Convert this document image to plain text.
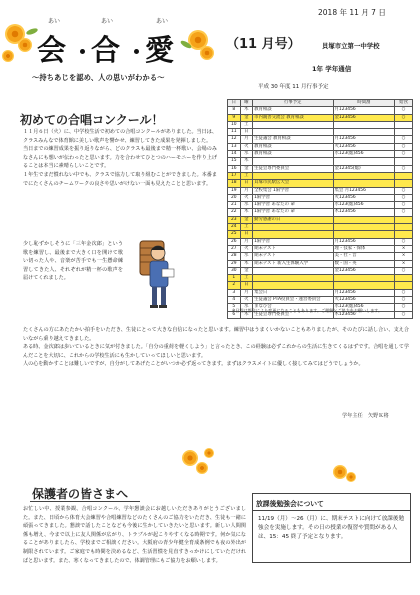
2018 年 11 月 7 日
あい	あい	あい
会 合 愛
～持ちあじを認め、人の思いがわかる～
（11 月号）	貝塚市立第一中学校
1年 学年通信
平成 30 年度 11 月行事予定
初めての合唱コンクール！

１１月６日（火）に、中学校生活で初めての合唱コンクールがありました。当日は、クラスみんなで体育館に美しい歌声を響かせ、練習してきた成果を発揮しました。

当日までの練習成果を振り返りながら、どのクラスも最後まで精一杯歌い、会場のみなさんにも想いが伝わったと思います。力を合わせてひとつのハーモニーを作り上げることは本当に素晴らしいことです。

１年生でまだ慣れない中でも、クラスで協力して取り組むことができました。本番までにたくさんのチームワークの良さや思いがけない一面も見えたことと思います。

少し恥ずかしそうに「三年金次郎」という歌を練習し、最後まで大きく口を開けて歌い切った人や、音楽が苦手でも一生懸命練習してきた人、それぞれが精一杯の歌声を届けてくれました。

たくさんの方にあたたかい拍手をいただき、生徒にとって大きな自信になったと思います。練習中はうまくいかないこともありましたが、そのたびに話し合い、支え合いながら乗り越えてきました。

ある時、金次郎は歩いているときに気が付きました。「自分の重荷を軽くしよう」と言ったとき、この経験は必ずこれからの生活に生きてくるはずです。合唱を通して学んだことを大切に、これからの学校生活にも生かしていってほしいと思います。

人の心を動かすことは難しいですが、自分がしてあげたことがいつか必ず返ってきます。まずはクラスメイトに優しく接してみてはどうでしょうか。

学年主任　矢野Ｋ将
日	曜	行事予定	時間割	給食
8	木	教育相談	月123456	○
9	金	市内親善交流会 教育相談	金123456	○
10	土			
11	日			
12	月	生徒議会 教育相談	月123456	○
13	火	教育相談	火123456	○
14	水	教育相談	水123(総)456	○
15	木			
16	金	生徒会専門委員会	金12345(総)	○
17	土			
18	日	貝塚市民駅伝大会		
19	月	全校集会 1限学習	集会 月123456	○
20	火	1限学習	火123456	○
21	水	1限学習 あなたの 命	水123(総)456	○
22	木	1限学習 あなたの 命	木123456	○
23	金	勤労感謝の日		
24	土			
25	日			
26	月	1限学習	月123456	○
27	火	期末テスト	理・技家・保体	×
28	水	期末テスト	美・社・音	×
29	木	期末テスト 新入生体験入学	数・国・英	×
30	金		金123456	○
1	土			
2	日			
3	月	集会日	月123456	○
4	火	生徒議会 PTA役員会・運営委員会	火123456	○
5	水	まなび会	水123(総)456	○
6	木	生徒会専門委員会	木123456	○
※日程は都合により変更になることもあります。ご理解とご協力をお願いします。
保護者の皆さまへ
お忙しい中、授業参観、合唱コンクール、学年懇談会にお越しいただきありがとうございました。また、日頃から体育大会練習や合唱練習などのたくさんのご協力をいただき、生徒も一緒に頑張ってきました。懇談で話したことなども今後に生かしていきたいと思います。新しい人間関係も増え、今まで以上に友人関係が広がり、トラブルが起こりやすくなる時期です。何か気になることがありましたら、学校までご相談ください。大阪府の青少年健全育成条例でも夜の外出が制限されています。ご家庭でも時間を決めるなど、生活習慣を見直すきっかけにしていただければと思います。また、寒くなってきましたので、体調管理にもご協力をお願いします。
放課後勉強会について
11/19（月）～26（月）に、期末テストに向けて放課後勉強会を実施します。その日の授業の復習や質問がある人は、15：45 終了予定となります。
